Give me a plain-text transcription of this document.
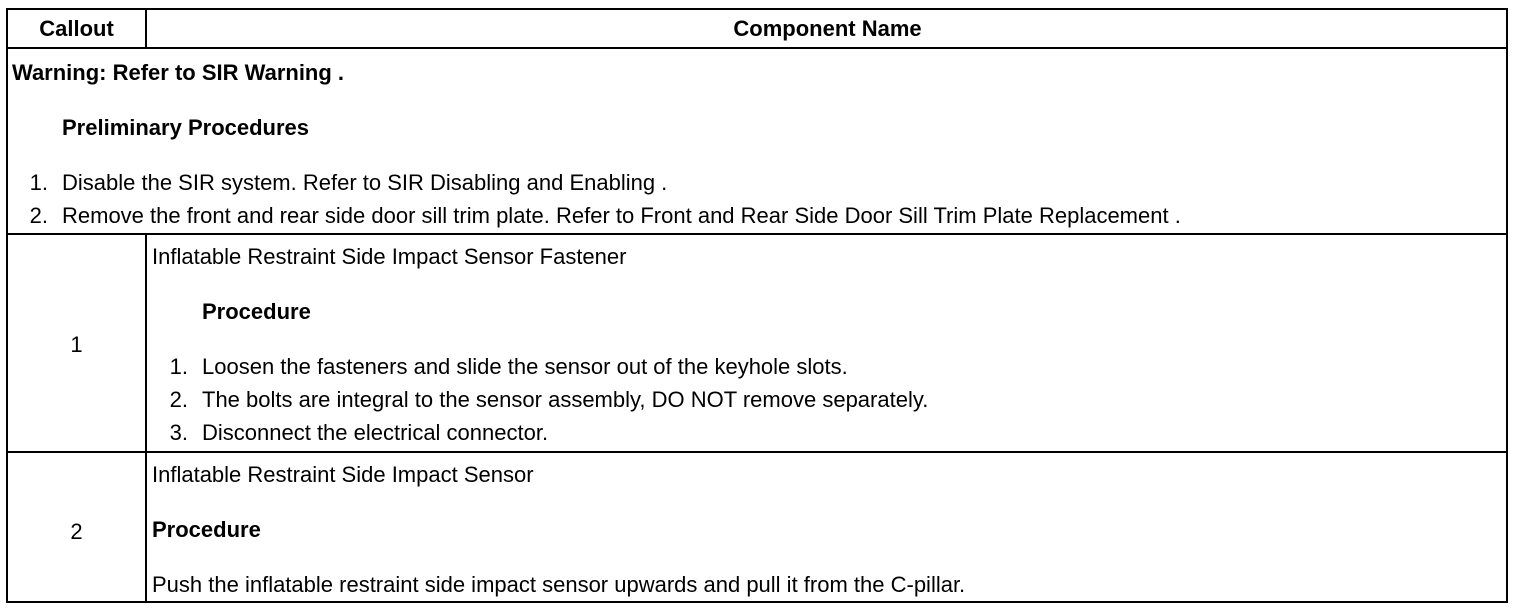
Callout	Component Name
Warning: Refer to SIR Warning .
Preliminary Procedures
1. Disable the SIR system. Refer to SIR Disabling and Enabling .
2. Remove the front and rear side door sill trim plate. Refer to Front and Rear Side Door Sill Trim Plate Replacement .
1
Inflatable Restraint Side Impact Sensor Fastener
Procedure
1. Loosen the fasteners and slide the sensor out of the keyhole slots.
2. The bolts are integral to the sensor assembly, DO NOT remove separately.
3. Disconnect the electrical connector.
2
Inflatable Restraint Side Impact Sensor
Procedure
Push the inflatable restraint side impact sensor upwards and pull it from the C-pillar.
